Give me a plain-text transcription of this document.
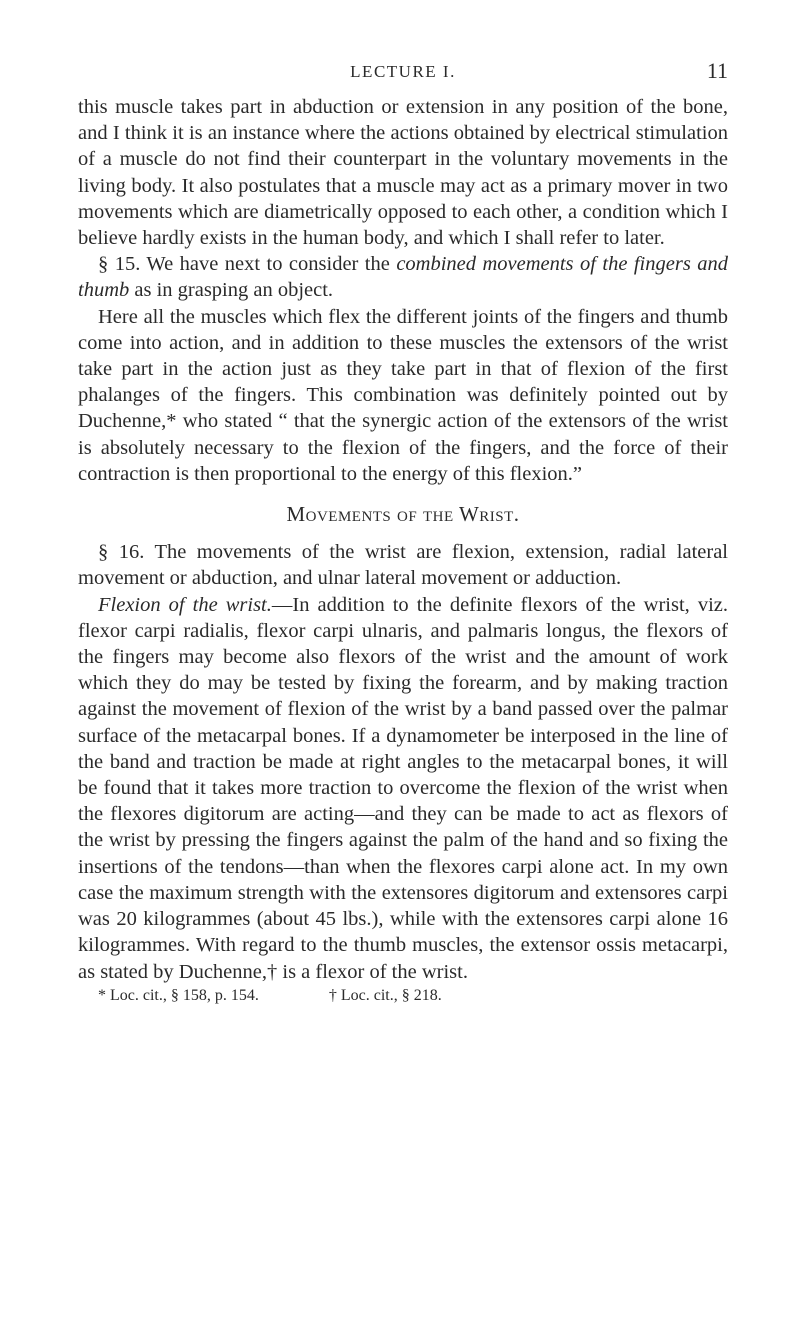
LECTURE I.	11

this muscle takes part in abduction or extension in any position of the bone, and I think it is an instance where the actions obtained by electrical stimulation of a muscle do not find their counterpart in the voluntary movements in the living body. It also postulates that a muscle may act as a primary mover in two movements which are diametrically opposed to each other, a condition which I believe hardly exists in the human body, and which I shall refer to later.

§ 15. We have next to consider the combined movements of the fingers and thumb as in grasping an object.

Here all the muscles which flex the different joints of the fingers and thumb come into action, and in addition to these muscles the extensors of the wrist take part in the action just as they take part in that of flexion of the first phalanges of the fingers. This combination was definitely pointed out by Duchenne,* who stated “ that the synergic action of the extensors of the wrist is absolutely necessary to the flexion of the fingers, and the force of their contraction is then proportional to the energy of this flexion.”

Movements of the Wrist.

§ 16. The movements of the wrist are flexion, extension, radial lateral movement or abduction, and ulnar lateral movement or adduction.

Flexion of the wrist.—In addition to the definite flexors of the wrist, viz. flexor carpi radialis, flexor carpi ulnaris, and palmaris longus, the flexors of the fingers may become also flexors of the wrist and the amount of work which they do may be tested by fixing the forearm, and by making traction against the movement of flexion of the wrist by a band passed over the palmar surface of the metacarpal bones. If a dynamometer be interposed in the line of the band and traction be made at right angles to the metacarpal bones, it will be found that it takes more traction to overcome the flexion of the wrist when the flexores digitorum are acting—and they can be made to act as flexors of the wrist by pressing the fingers against the palm of the hand and so fixing the insertions of the tendons—than when the flexores carpi alone act. In my own case the maximum strength with the extensores digitorum and extensores carpi was 20 kilogrammes (about 45 lbs.), while with the extensores carpi alone 16 kilogrammes. With regard to the thumb muscles, the extensor ossis metacarpi, as stated by Duchenne,† is a flexor of the wrist.

* Loc. cit., § 158, p. 154.	† Loc. cit., § 218.
